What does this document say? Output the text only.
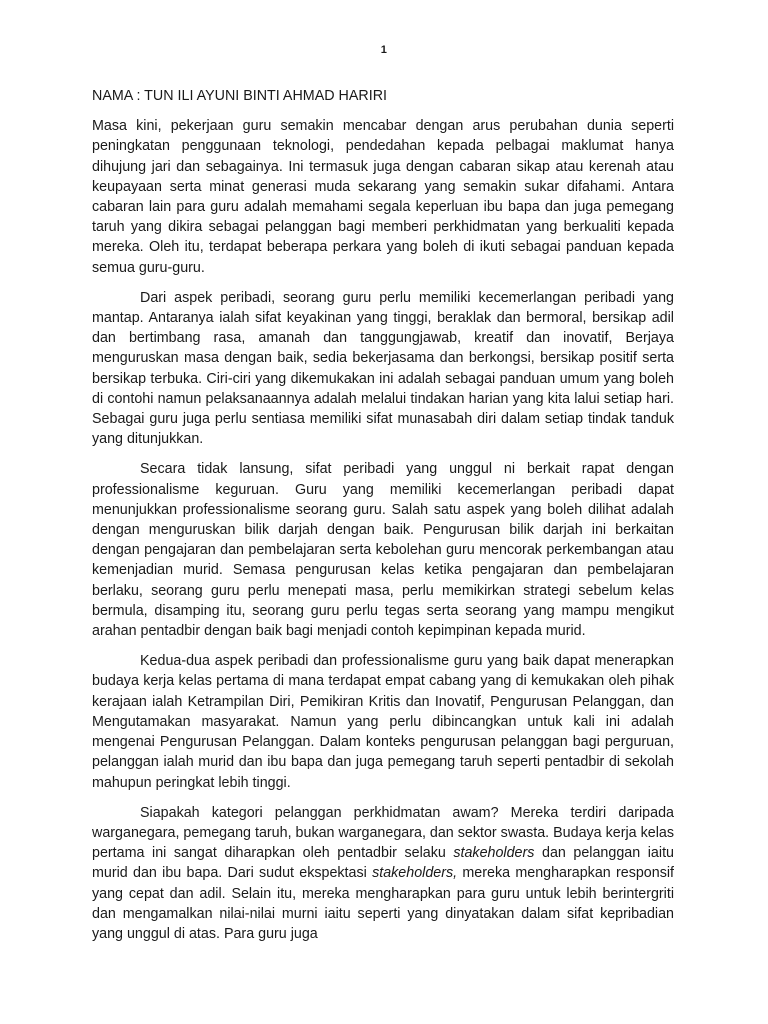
1

NAMA : TUN ILI AYUNI BINTI AHMAD HARIRI

Masa kini, pekerjaan guru semakin mencabar dengan arus perubahan dunia seperti peningkatan penggunaan teknologi, pendedahan kepada pelbagai maklumat hanya dihujung jari dan sebagainya. Ini termasuk juga dengan cabaran sikap atau kerenah atau keupayaan serta minat generasi muda sekarang yang semakin sukar difahami. Antara cabaran lain para guru adalah memahami segala keperluan ibu bapa dan juga pemegang taruh yang dikira sebagai pelanggan bagi memberi perkhidmatan yang berkualiti kepada mereka. Oleh itu, terdapat beberapa perkara yang boleh di ikuti sebagai panduan kepada semua guru-guru.

Dari aspek peribadi, seorang guru perlu memiliki kecemerlangan peribadi yang mantap. Antaranya ialah sifat keyakinan yang tinggi, beraklak dan bermoral, bersikap adil dan bertimbang rasa, amanah dan tanggungjawab, kreatif dan inovatif, Berjaya menguruskan masa dengan baik, sedia bekerjasama dan berkongsi, bersikap positif serta bersikap terbuka. Ciri-ciri yang dikemukakan ini adalah sebagai panduan umum yang boleh di contohi namun pelaksanaannya adalah melalui tindakan harian yang kita lalui setiap hari. Sebagai guru juga perlu sentiasa memiliki sifat munasabah diri dalam setiap tindak tanduk yang ditunjukkan.

Secara tidak lansung, sifat peribadi yang unggul ni berkait rapat dengan professionalisme keguruan. Guru yang memiliki kecemerlangan peribadi dapat menunjukkan professionalisme seorang guru. Salah satu aspek yang boleh dilihat adalah dengan menguruskan bilik darjah dengan baik. Pengurusan bilik darjah ini berkaitan dengan pengajaran dan pembelajaran serta kebolehan guru mencorak perkembangan atau kemenjadian murid. Semasa pengurusan kelas ketika pengajaran dan pembelajaran berlaku, seorang guru perlu menepati masa, perlu memikirkan strategi sebelum kelas bermula, disamping itu, seorang guru perlu tegas serta seorang yang mampu mengikut arahan pentadbir dengan baik bagi menjadi contoh kepimpinan kepada murid.

Kedua-dua aspek peribadi dan professionalisme guru yang baik dapat menerapkan budaya kerja kelas pertama di mana terdapat empat cabang yang di kemukakan oleh pihak kerajaan ialah Ketrampilan Diri, Pemikiran Kritis dan Inovatif, Pengurusan Pelanggan, dan Mengutamakan masyarakat. Namun yang perlu dibincangkan untuk kali ini adalah mengenai Pengurusan Pelanggan. Dalam konteks pengurusan pelanggan bagi perguruan, pelanggan ialah murid dan ibu bapa dan juga pemegang taruh seperti pentadbir di sekolah mahupun peringkat lebih tinggi.

Siapakah kategori pelanggan perkhidmatan awam? Mereka terdiri daripada warganegara, pemegang taruh, bukan warganegara, dan sektor swasta. Budaya kerja kelas pertama ini sangat diharapkan oleh pentadbir selaku stakeholders dan pelanggan iaitu murid dan ibu bapa. Dari sudut ekspektasi stakeholders, mereka mengharapkan responsif yang cepat dan adil. Selain itu, mereka mengharapkan para guru untuk lebih berintergriti dan mengamalkan nilai-nilai murni iaitu seperti yang dinyatakan dalam sifat kepribadian yang unggul di atas. Para guru juga
